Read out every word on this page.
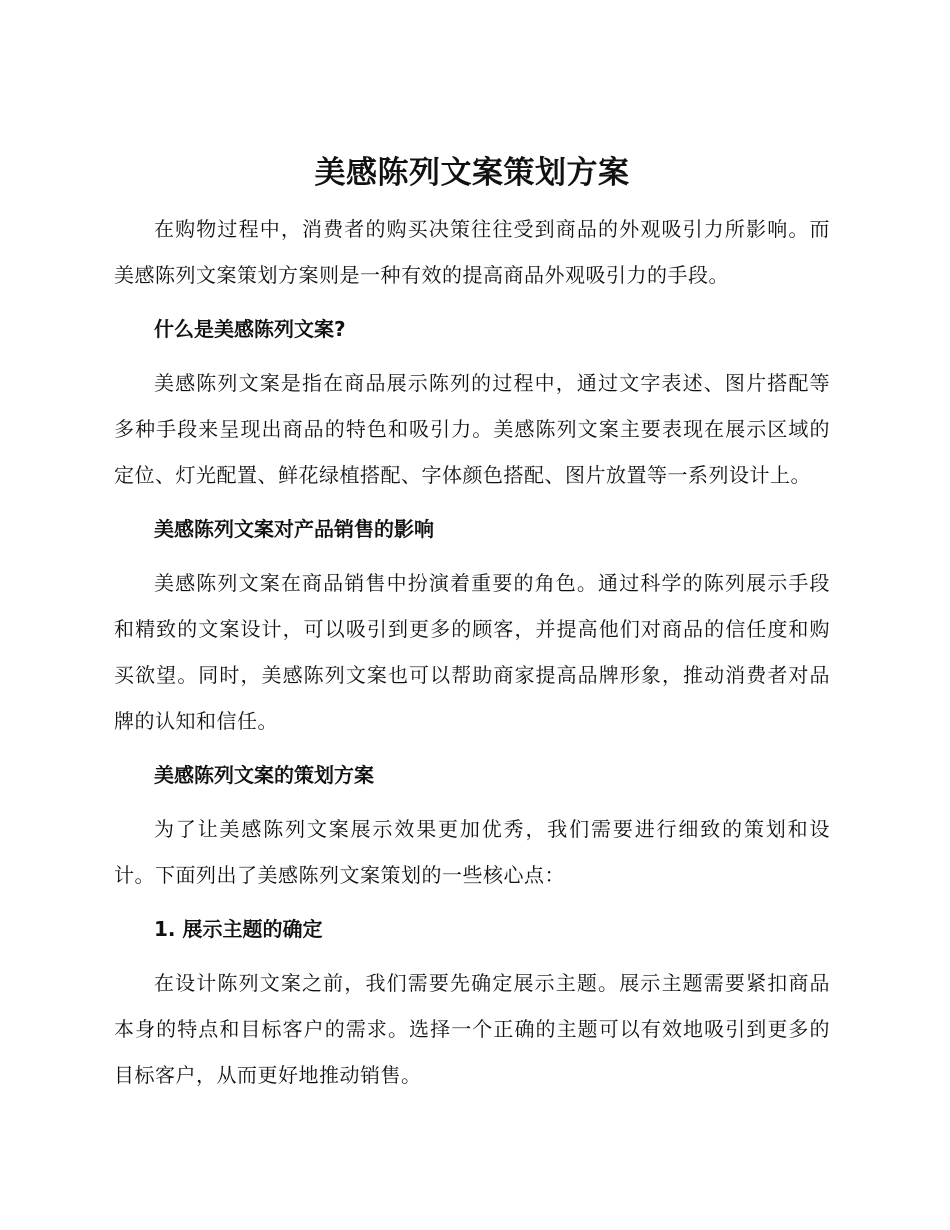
美感陈列文案策划方案

在购物过程中，消费者的购买决策往往受到商品的外观吸引力所影响。而美感陈列文案策划方案则是一种有效的提高商品外观吸引力的手段。

什么是美感陈列文案?

美感陈列文案是指在商品展示陈列的过程中，通过文字表述、图片搭配等多种手段来呈现出商品的特色和吸引力。美感陈列文案主要表现在展示区域的定位、灯光配置、鲜花绿植搭配、字体颜色搭配、图片放置等一系列设计上。

美感陈列文案对产品销售的影响

美感陈列文案在商品销售中扮演着重要的角色。通过科学的陈列展示手段和精致的文案设计，可以吸引到更多的顾客，并提高他们对商品的信任度和购买欲望。同时，美感陈列文案也可以帮助商家提高品牌形象，推动消费者对品牌的认知和信任。

美感陈列文案的策划方案

为了让美感陈列文案展示效果更加优秀，我们需要进行细致的策划和设计。下面列出了美感陈列文案策划的一些核心点：

1. 展示主题的确定

在设计陈列文案之前，我们需要先确定展示主题。展示主题需要紧扣商品本身的特点和目标客户的需求。选择一个正确的主题可以有效地吸引到更多的目标客户，从而更好地推动销售。
